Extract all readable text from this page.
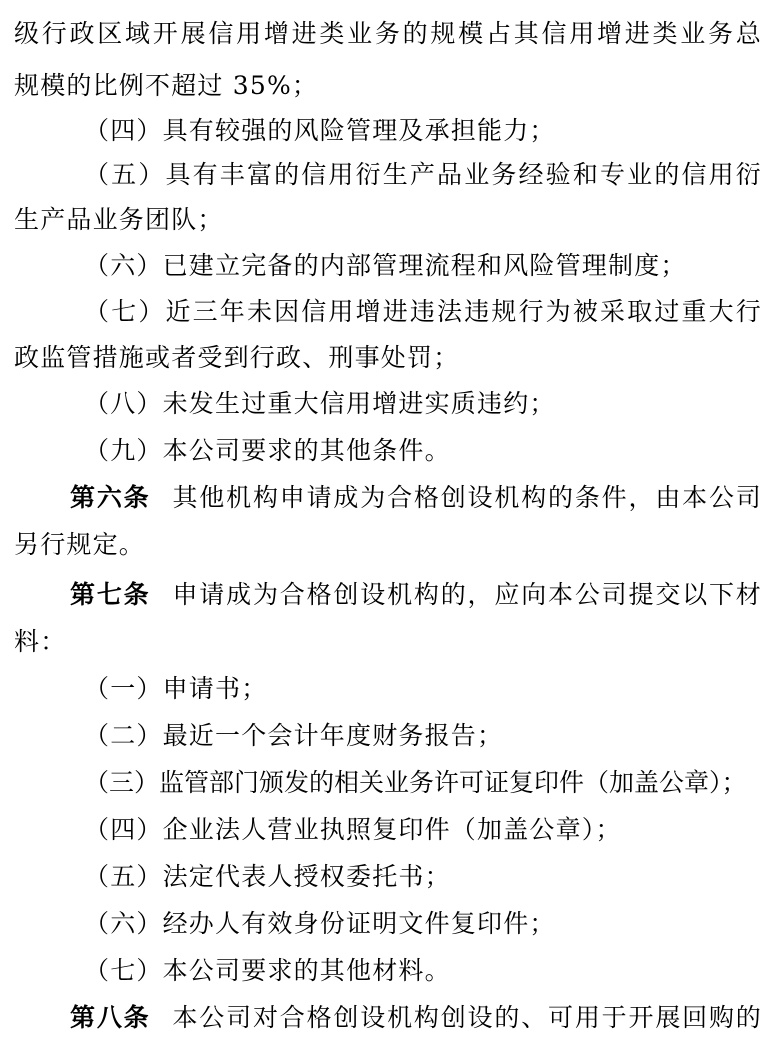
级行政区域开展信用增进类业务的规模占其信用增进类业务总
规模的比例不超过 35%；
（四）具有较强的风险管理及承担能力；
（五）具有丰富的信用衍生产品业务经验和专业的信用衍
生产品业务团队；
（六）已建立完备的内部管理流程和风险管理制度；
（七）近三年未因信用增进违法违规行为被采取过重大行
政监管措施或者受到行政、刑事处罚；
（八）未发生过重大信用增进实质违约；
（九）本公司要求的其他条件。
第六条 其他机构申请成为合格创设机构的条件，由本公司
另行规定。
第七条 申请成为合格创设机构的，应向本公司提交以下材
料：
（一）申请书；
（二）最近一个会计年度财务报告；
（三）监管部门颁发的相关业务许可证复印件（加盖公章）；
（四）企业法人营业执照复印件（加盖公章）；
（五）法定代表人授权委托书；
（六）经办人有效身份证明文件复印件；
（七）本公司要求的其他材料。
第八条 本公司对合格创设机构创设的、可用于开展回购的
